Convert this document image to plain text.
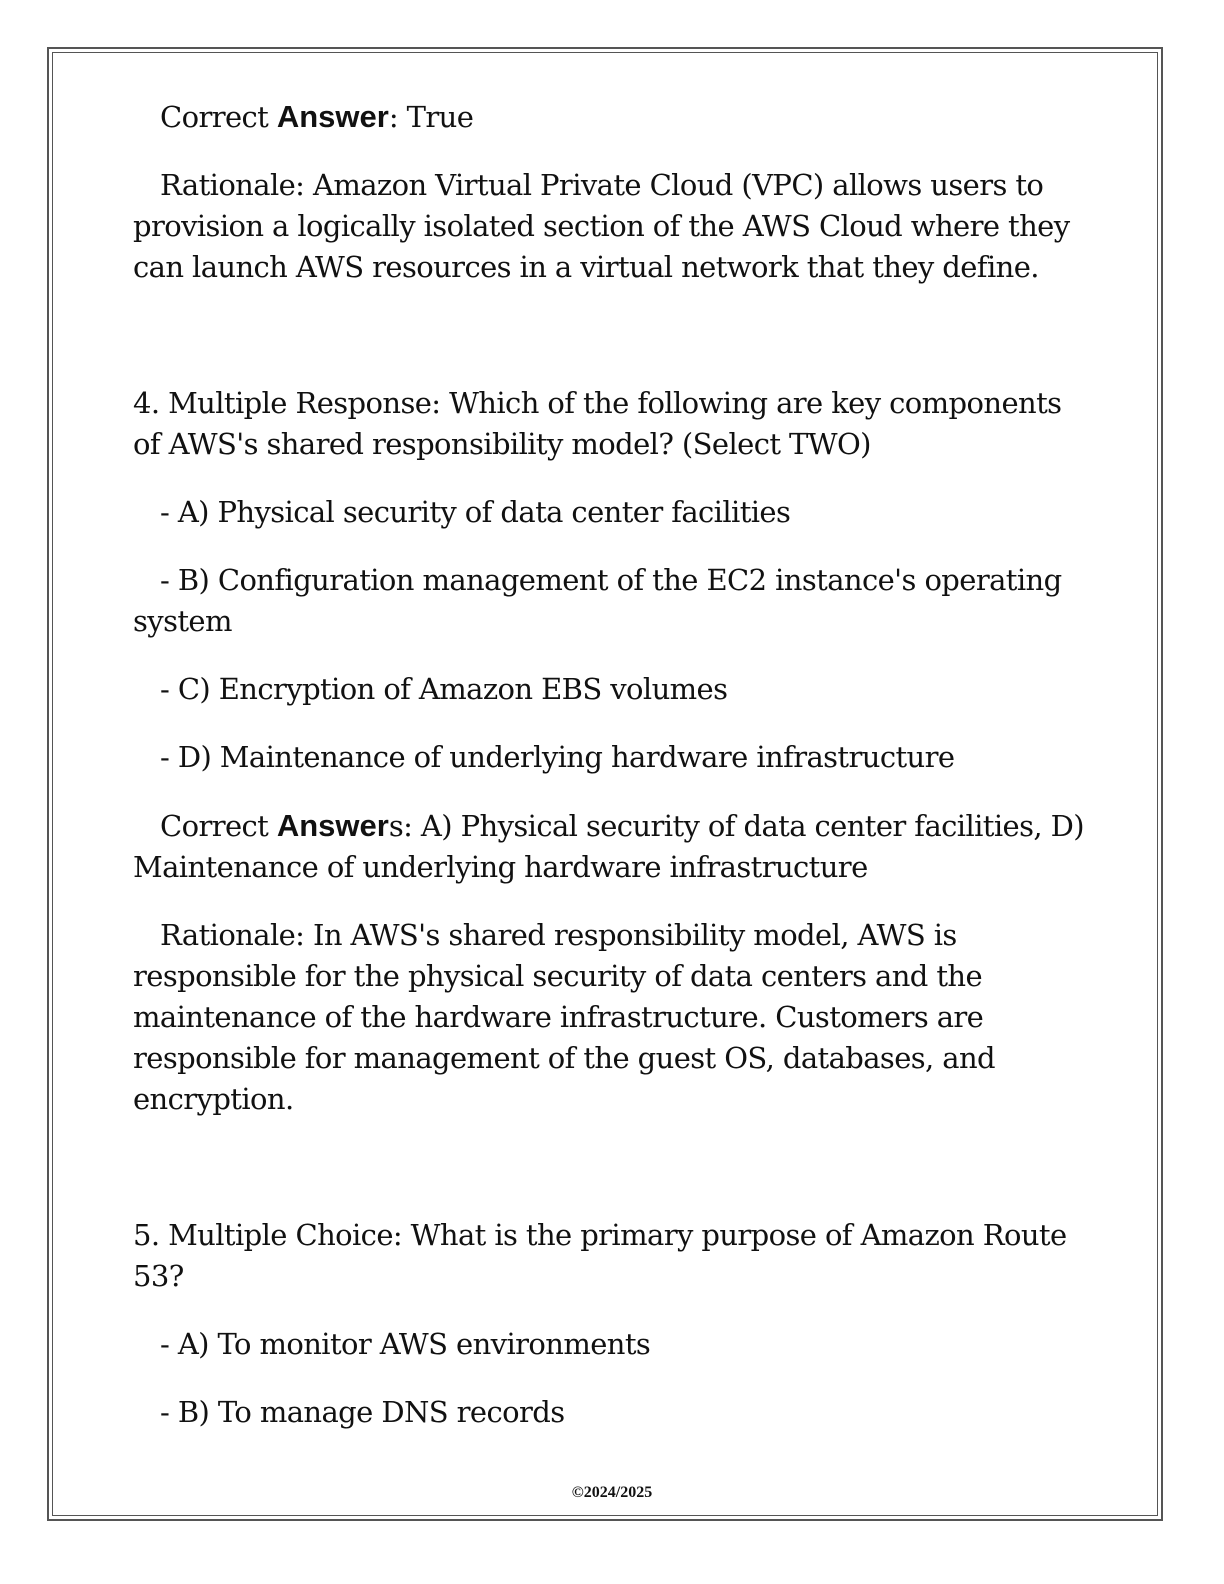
Correct Answer: True

Rationale: Amazon Virtual Private Cloud (VPC) allows users to provision a logically isolated section of the AWS Cloud where they can launch AWS resources in a virtual network that they define.

4. Multiple Response: Which of the following are key components of AWS's shared responsibility model? (Select TWO)

- A) Physical security of data center facilities

- B) Configuration management of the EC2 instance's operating system

- C) Encryption of Amazon EBS volumes

- D) Maintenance of underlying hardware infrastructure

Correct Answers: A) Physical security of data center facilities, D) Maintenance of underlying hardware infrastructure

Rationale: In AWS's shared responsibility model, AWS is responsible for the physical security of data centers and the maintenance of the hardware infrastructure. Customers are responsible for management of the guest OS, databases, and encryption.

5. Multiple Choice: What is the primary purpose of Amazon Route 53?

- A) To monitor AWS environments

- B) To manage DNS records

©2024/2025
